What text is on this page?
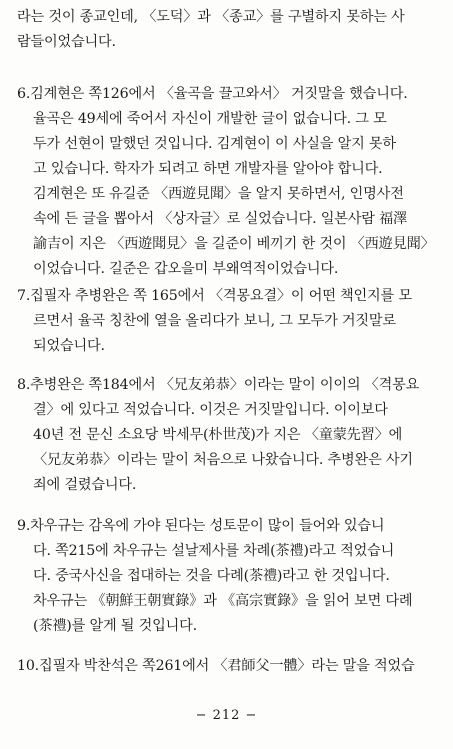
라는 것이 종교인데, 〈도덕〉과 〈종교〉를 구별하지 못하는 사
람들이었습니다.
6.김계현은 쪽126에서 〈율곡을 끌고와서〉 거짓말을 했습니다.
율곡은 49세에 죽어서 자신이 개발한 글이 없습니다. 그 모
두가 선현이 말했던 것입니다. 김계현이 이 사실을 알지 못하
고 있습니다. 학자가 되려고 하면 개발자를 알아야 합니다.
김계현은 또 유길준 〈西遊見聞〉을 알지 못하면서, 인명사전
속에 든 글을 뽑아서 〈상자글〉로 실었습니다. 일본사람 福澤
諭吉이 지은 〈西遊聞見〉을 길준이 베끼기 한 것이 〈西遊見聞〉
이었습니다. 길준은 갑오을미 부왜역적이었습니다.
7.집필자 추병완은 쪽 165에서 〈격몽요결〉이 어떤 책인지를 모
르면서 율곡 칭찬에 열을 올리다가 보니, 그 모두가 거짓말로
되었습니다.
8.추병완은 쪽184에서 〈兄友弟恭〉이라는 말이 이이의 〈격몽요
결〉에 있다고 적었습니다. 이것은 거짓말입니다. 이이보다
40년 전 문신 소요당 박세무(朴世茂)가 지은 〈童蒙先習〉에
〈兄友弟恭〉이라는 말이 처음으로 나왔습니다. 추병완은 사기
죄에 걸렸습니다.
9.차우규는 감옥에 가야 된다는 성토문이 많이 들어와 있습니
다. 쪽215에 차우규는 설날제사를 차례(茶禮)라고 적었습니
다. 중국사신을 접대하는 것을 다례(茶禮)라고 한 것입니다.
차우규는 《朝鮮王朝實錄》과 《高宗實錄》을 읽어 보면 다례
(茶禮)를 알게 될 것입니다.
10.집필자 박찬석은 쪽261에서 〈君師父一體〉라는 말을 적었습
− 212 −
